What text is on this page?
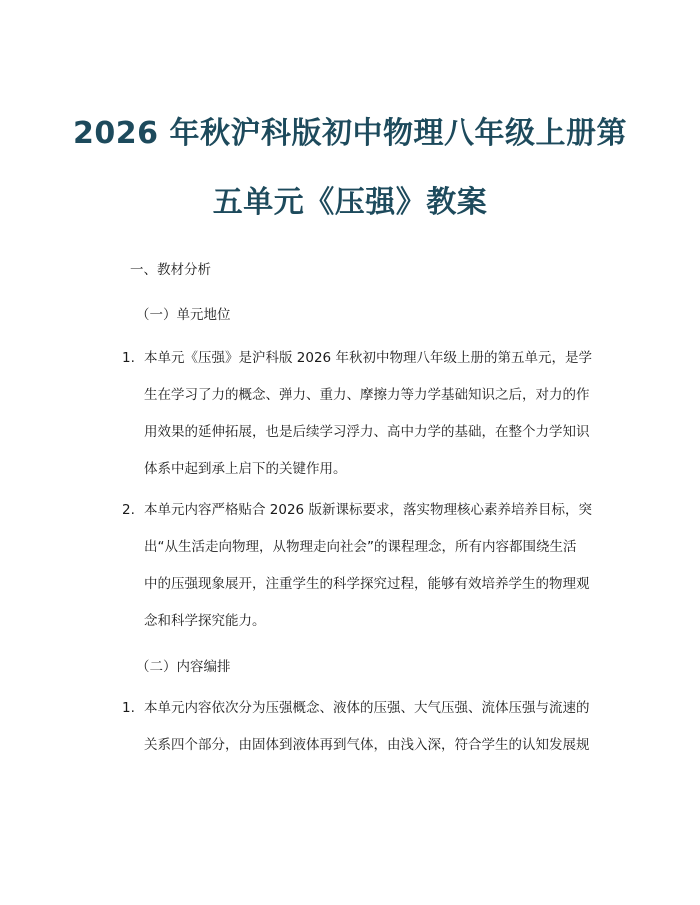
2026 年秋沪科版初中物理八年级上册第
五单元《压强》教案
一、教材分析
（一）单元地位
1. 本单元《压强》是沪科版 2026 年秋初中物理八年级上册的第五单元，是学
生在学习了力的概念、弹力、重力、摩擦力等力学基础知识之后，对力的作
用效果的延伸拓展，也是后续学习浮力、高中力学的基础，在整个力学知识
体系中起到承上启下的关键作用。
2. 本单元内容严格贴合 2026 版新课标要求，落实物理核心素养培养目标，突
出“从生活走向物理，从物理走向社会”的课程理念，所有内容都围绕生活
中的压强现象展开，注重学生的科学探究过程，能够有效培养学生的物理观
念和科学探究能力。
（二）内容编排
1. 本单元内容依次分为压强概念、液体的压强、大气压强、流体压强与流速的
关系四个部分，由固体到液体再到气体，由浅入深，符合学生的认知发展规
